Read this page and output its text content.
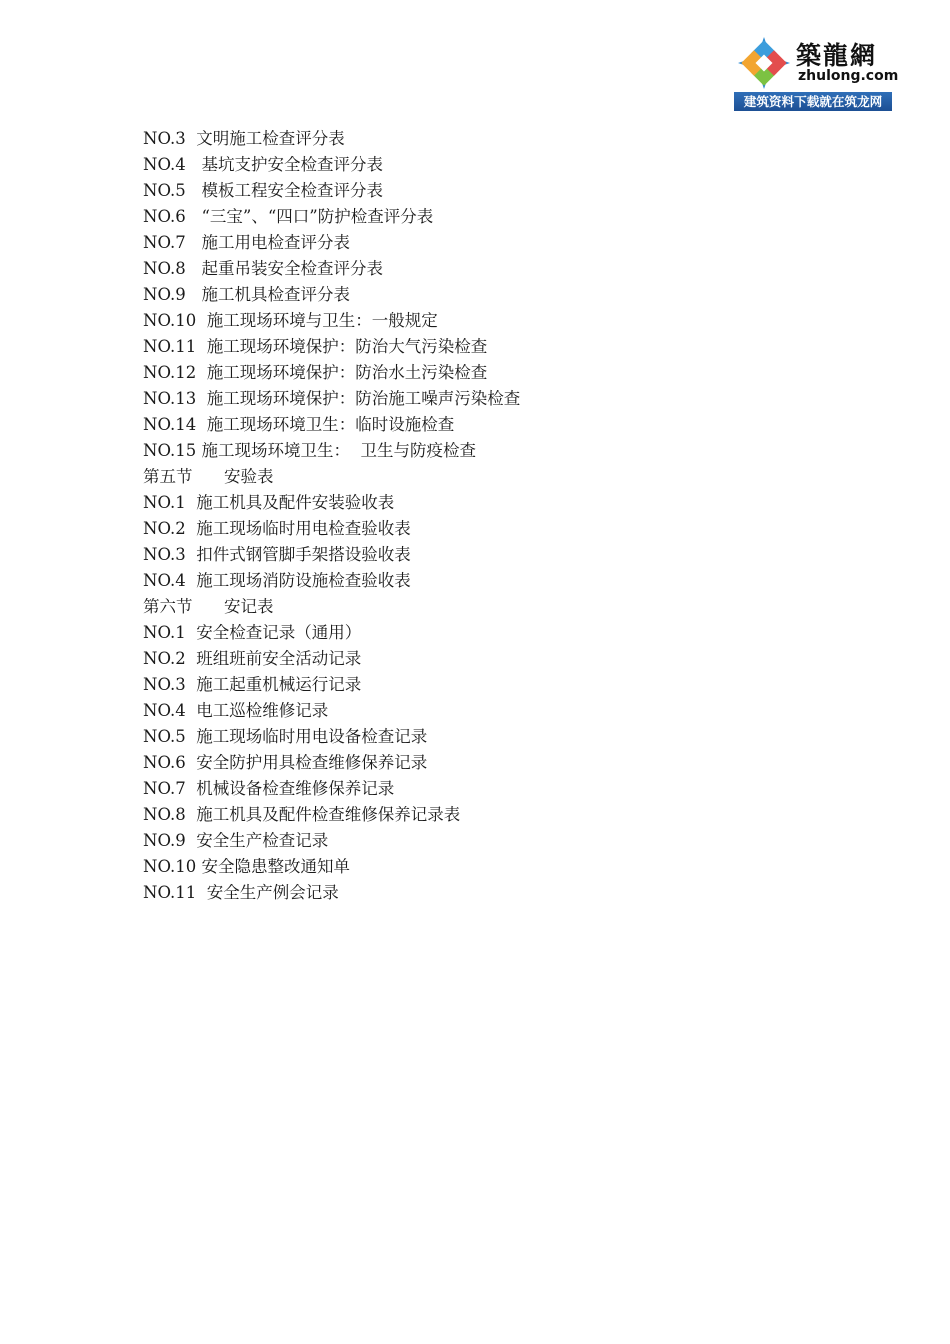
築龍網
zhulong.com
建筑资料下载就在筑龙网
NO.3  文明施工检查评分表
NO.4   基坑支护安全检查评分表
NO.5   模板工程安全检查评分表
NO.6   “三宝”、“四口”防护检查评分表
NO.7   施工用电检查评分表
NO.8   起重吊装安全检查评分表
NO.9   施工机具检查评分表
NO.10  施工现场环境与卫生：一般规定
NO.11  施工现场环境保护：防治大气污染检查
NO.12  施工现场环境保护：防治水土污染检查
NO.13  施工现场环境保护：防治施工噪声污染检查
NO.14  施工现场环境卫生：临时设施检查
NO.15 施工现场环境卫生：  卫生与防疫检查
第五节      安验表
NO.1  施工机具及配件安装验收表
NO.2  施工现场临时用电检查验收表
NO.3  扣件式钢管脚手架搭设验收表
NO.4  施工现场消防设施检查验收表
第六节      安记表
NO.1  安全检查记录（通用）
NO.2  班组班前安全活动记录
NO.3  施工起重机械运行记录
NO.4  电工巡检维修记录
NO.5  施工现场临时用电设备检查记录
NO.6  安全防护用具检查维修保养记录
NO.7  机械设备检查维修保养记录
NO.8  施工机具及配件检查维修保养记录表
NO.9  安全生产检查记录
NO.10 安全隐患整改通知单
NO.11  安全生产例会记录
